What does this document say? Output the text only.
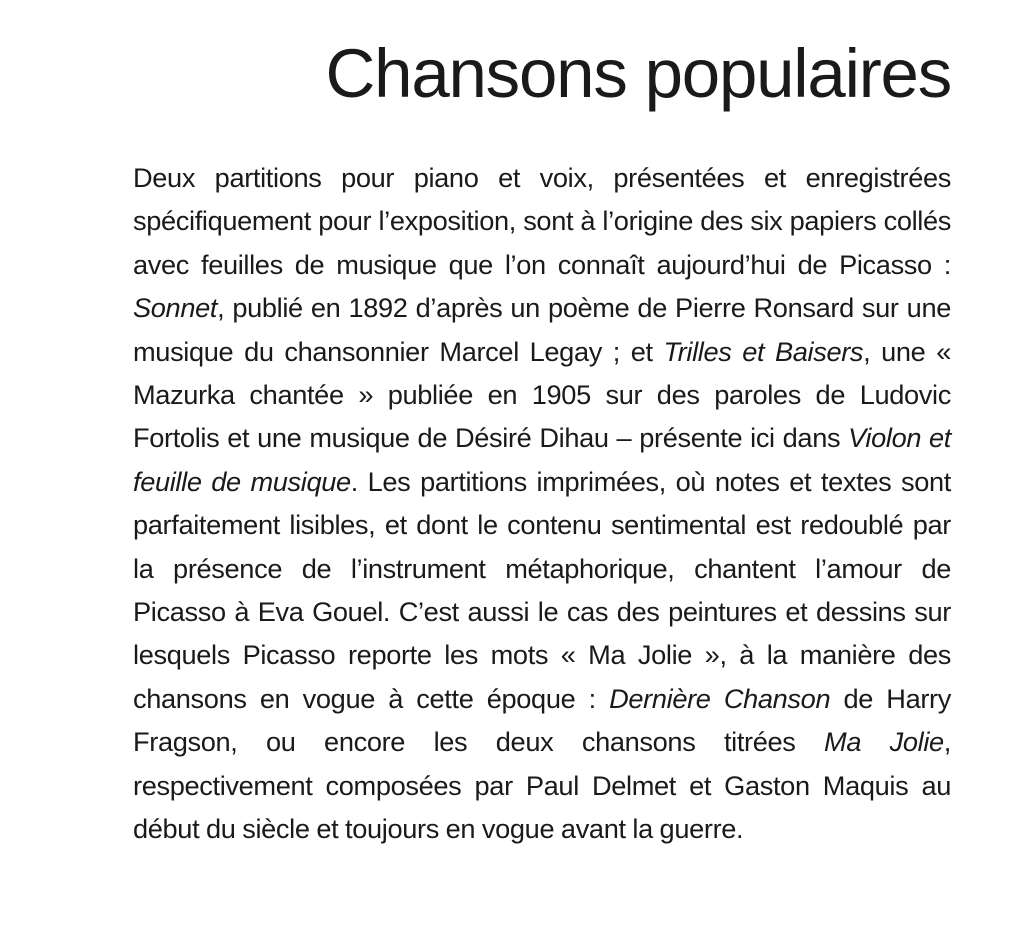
Chansons populaires

Deux partitions pour piano et voix, présentées et enregistrées spécifiquement pour l’exposition, sont à l’origine des six papiers collés avec feuilles de musique que l’on connaît aujourd’hui de Picasso : Sonnet, publié en 1892 d’après un poème de Pierre Ronsard sur une musique du chansonnier Marcel Legay ; et Trilles et Baisers, une « Mazurka chantée » publiée en 1905 sur des paroles de Ludovic Fortolis et une musique de Désiré Dihau – présente ici dans Violon et feuille de musique. Les partitions imprimées, où notes et textes sont parfaitement lisibles, et dont le contenu sentimental est redoublé par la présence de l’instrument métaphorique, chantent l’amour de Picasso à Eva Gouel. C’est aussi le cas des peintures et dessins sur lesquels Picasso reporte les mots « Ma Jolie », à la manière des chansons en vogue à cette époque : Dernière Chanson de Harry Fragson, ou encore les deux chansons titrées Ma Jolie, respectivement composées par Paul Delmet et Gaston Maquis au début du siècle et toujours en vogue avant la guerre.
